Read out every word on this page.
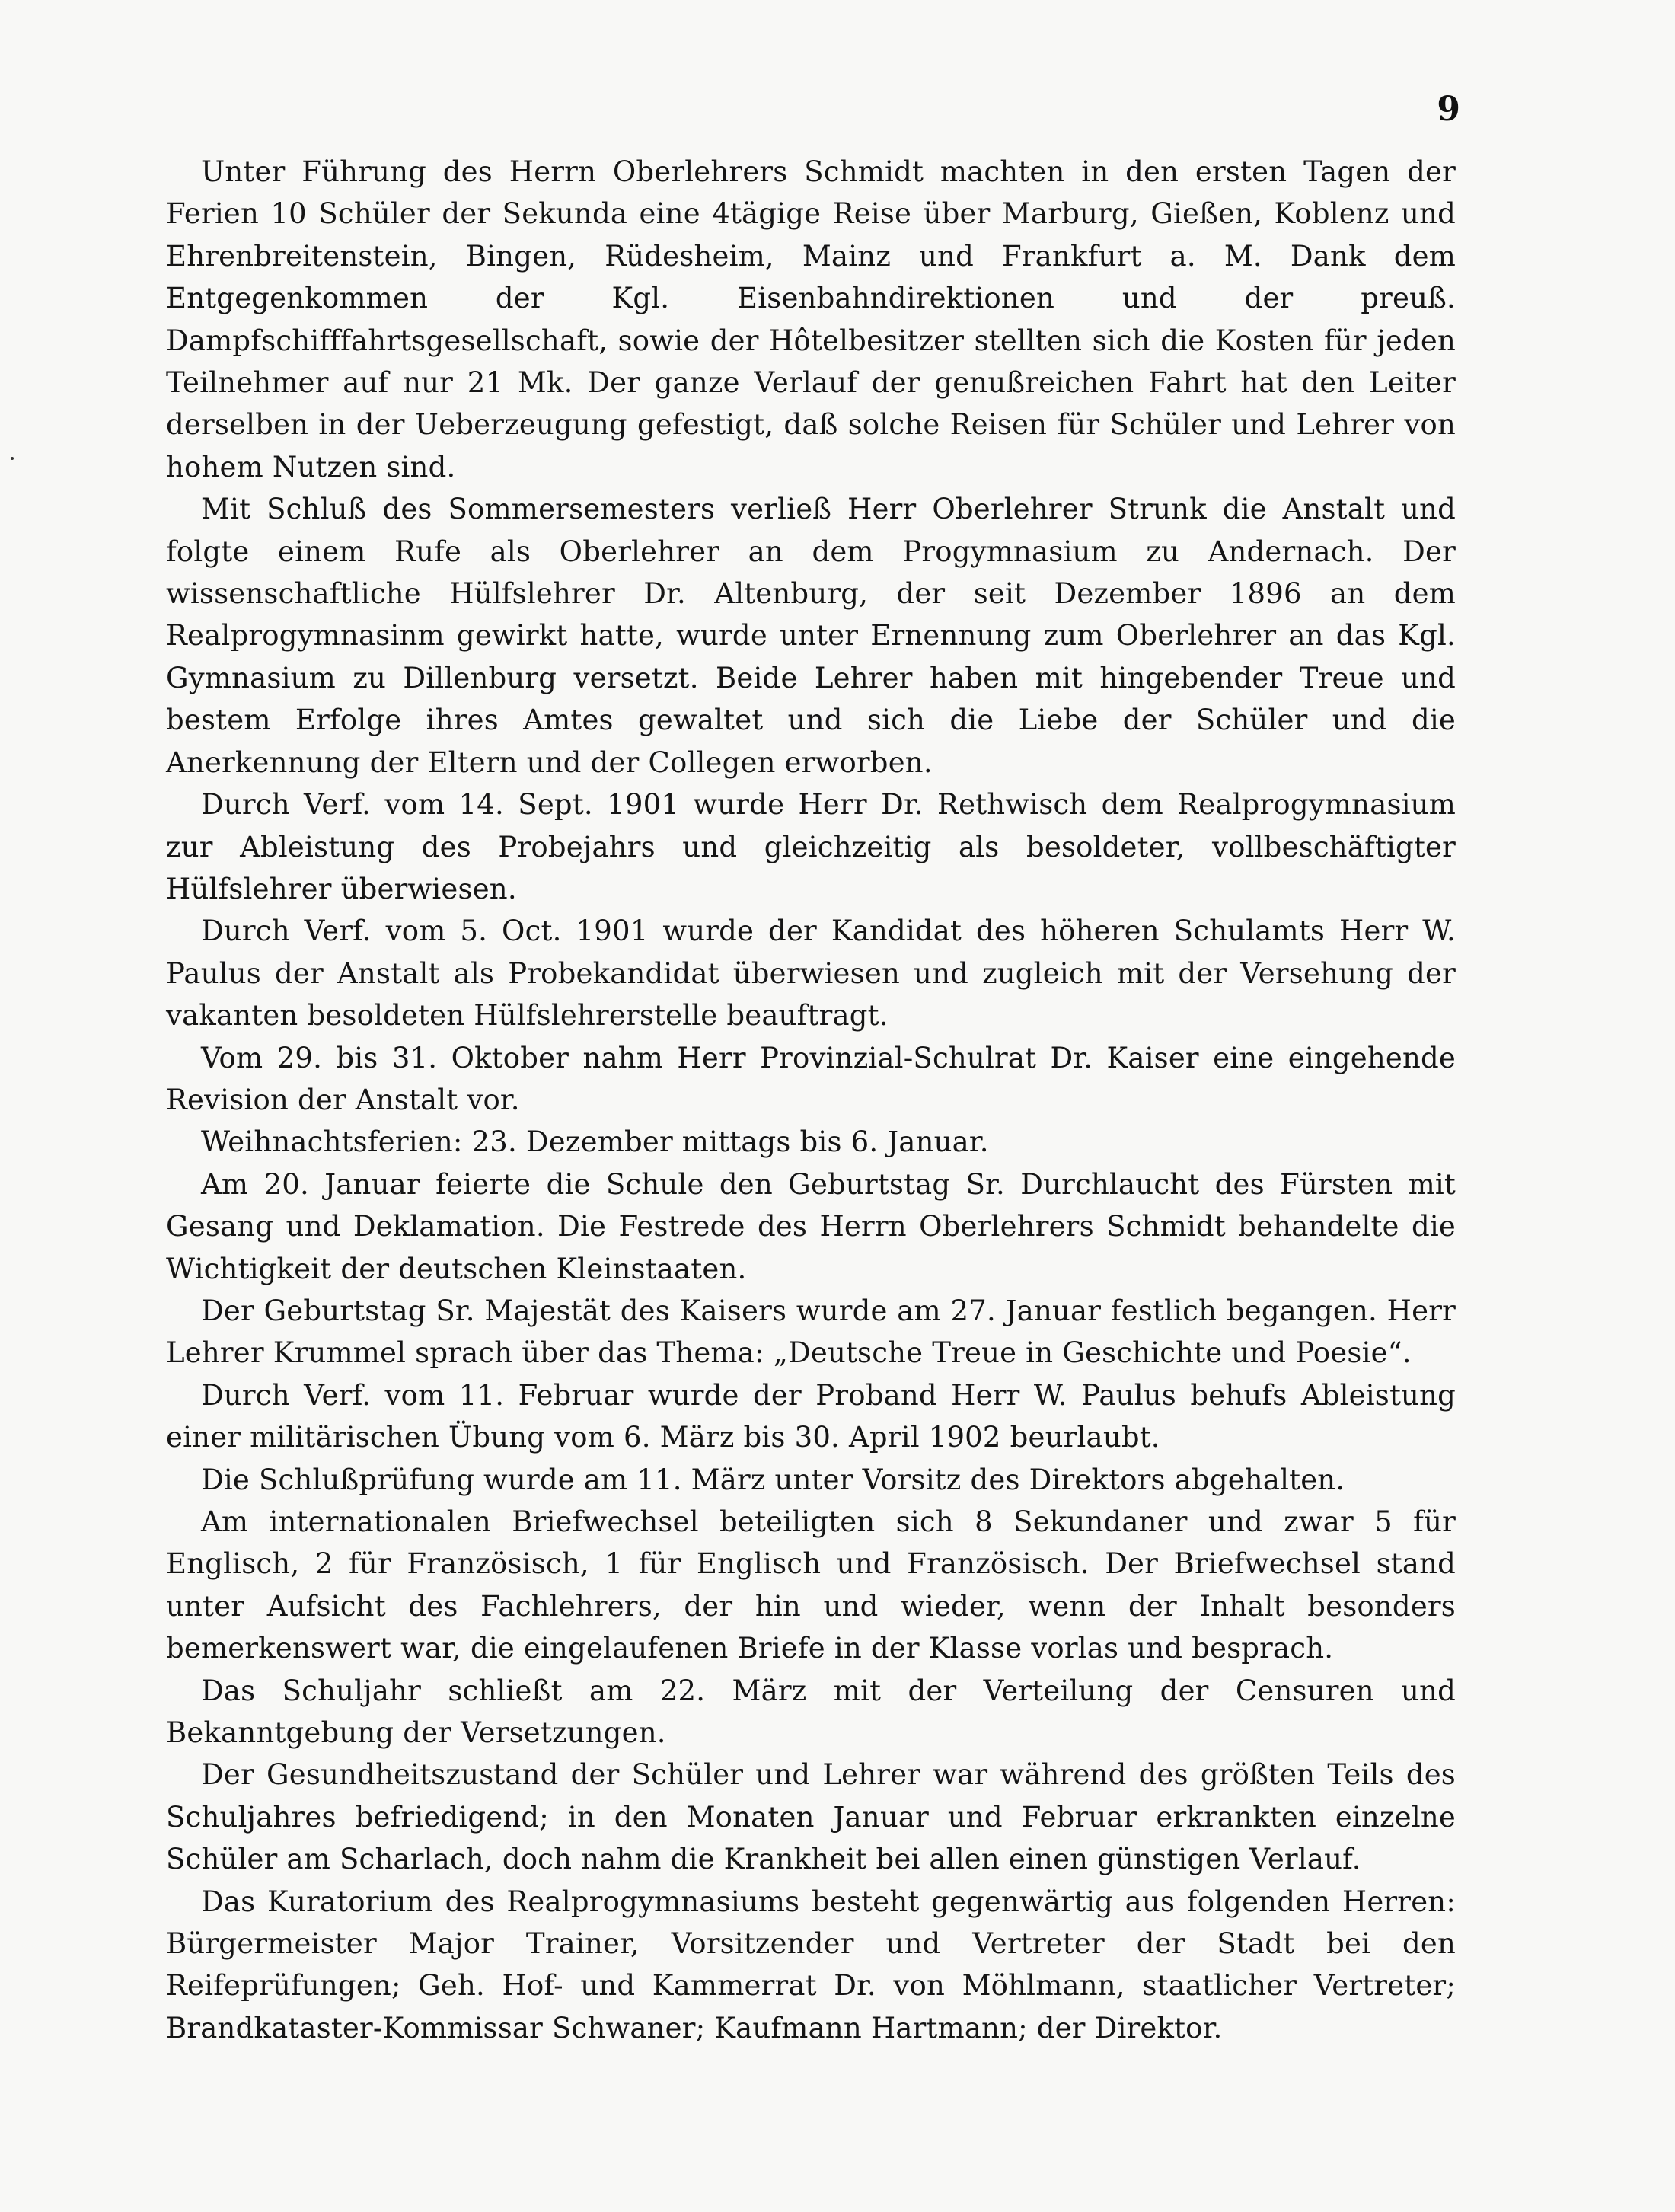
9

Unter Führung des Herrn Oberlehrers Schmidt machten in den ersten Tagen der Ferien 10 Schüler der Sekunda eine 4tägige Reise über Marburg, Gießen, Koblenz und Ehrenbreitenstein, Bingen, Rüdesheim, Mainz und Frankfurt a. M. Dank dem Entgegenkommen der Kgl. Eisenbahndirektionen und der preuß. Dampfschifffahrtsgesellschaft, sowie der Hôtelbesitzer stellten sich die Kosten für jeden Teilnehmer auf nur 21 Mk. Der ganze Verlauf der genußreichen Fahrt hat den Leiter derselben in der Ueberzeugung gefestigt, daß solche Reisen für Schüler und Lehrer von hohem Nutzen sind.

Mit Schluß des Sommersemesters verließ Herr Oberlehrer Strunk die Anstalt und folgte einem Rufe als Oberlehrer an dem Progymnasium zu Andernach. Der wissenschaftliche Hülfslehrer Dr. Altenburg, der seit Dezember 1896 an dem Realprogymnasinm gewirkt hatte, wurde unter Ernennung zum Oberlehrer an das Kgl. Gymnasium zu Dillenburg versetzt. Beide Lehrer haben mit hingebender Treue und bestem Erfolge ihres Amtes gewaltet und sich die Liebe der Schüler und die Anerkennung der Eltern und der Collegen erworben.

Durch Verf. vom 14. Sept. 1901 wurde Herr Dr. Rethwisch dem Realprogymnasium zur Ableistung des Probejahrs und gleichzeitig als besoldeter, vollbeschäftigter Hülfslehrer überwiesen.

Durch Verf. vom 5. Oct. 1901 wurde der Kandidat des höheren Schulamts Herr W. Paulus der Anstalt als Probekandidat überwiesen und zugleich mit der Versehung der vakanten besoldeten Hülfslehrerstelle beauftragt.

Vom 29. bis 31. Oktober nahm Herr Provinzial-Schulrat Dr. Kaiser eine eingehende Revision der Anstalt vor.

Weihnachtsferien: 23. Dezember mittags bis 6. Januar.

Am 20. Januar feierte die Schule den Geburtstag Sr. Durchlaucht des Fürsten mit Gesang und Deklamation. Die Festrede des Herrn Oberlehrers Schmidt behandelte die Wichtigkeit der deutschen Kleinstaaten.

Der Geburtstag Sr. Majestät des Kaisers wurde am 27. Januar festlich begangen. Herr Lehrer Krummel sprach über das Thema: „Deutsche Treue in Geschichte und Poesie“.

Durch Verf. vom 11. Februar wurde der Proband Herr W. Paulus behufs Ableistung einer militärischen Übung vom 6. März bis 30. April 1902 beurlaubt.

Die Schlußprüfung wurde am 11. März unter Vorsitz des Direktors abgehalten.

Am internationalen Briefwechsel beteiligten sich 8 Sekundaner und zwar 5 für Englisch, 2 für Französisch, 1 für Englisch und Französisch. Der Briefwechsel stand unter Aufsicht des Fachlehrers, der hin und wieder, wenn der Inhalt besonders bemerkenswert war, die eingelaufenen Briefe in der Klasse vorlas und besprach.

Das Schuljahr schließt am 22. März mit der Verteilung der Censuren und Bekanntgebung der Versetzungen.

Der Gesundheitszustand der Schüler und Lehrer war während des größten Teils des Schuljahres befriedigend; in den Monaten Januar und Februar erkrankten einzelne Schüler am Scharlach, doch nahm die Krankheit bei allen einen günstigen Verlauf.

Das Kuratorium des Realprogymnasiums besteht gegenwärtig aus folgenden Herren: Bürgermeister Major Trainer, Vorsitzender und Vertreter der Stadt bei den Reifeprüfungen; Geh. Hof- und Kammerrat Dr. von Möhlmann, staatlicher Vertreter; Brandkataster-Kommissar Schwaner; Kaufmann Hartmann; der Direktor.
